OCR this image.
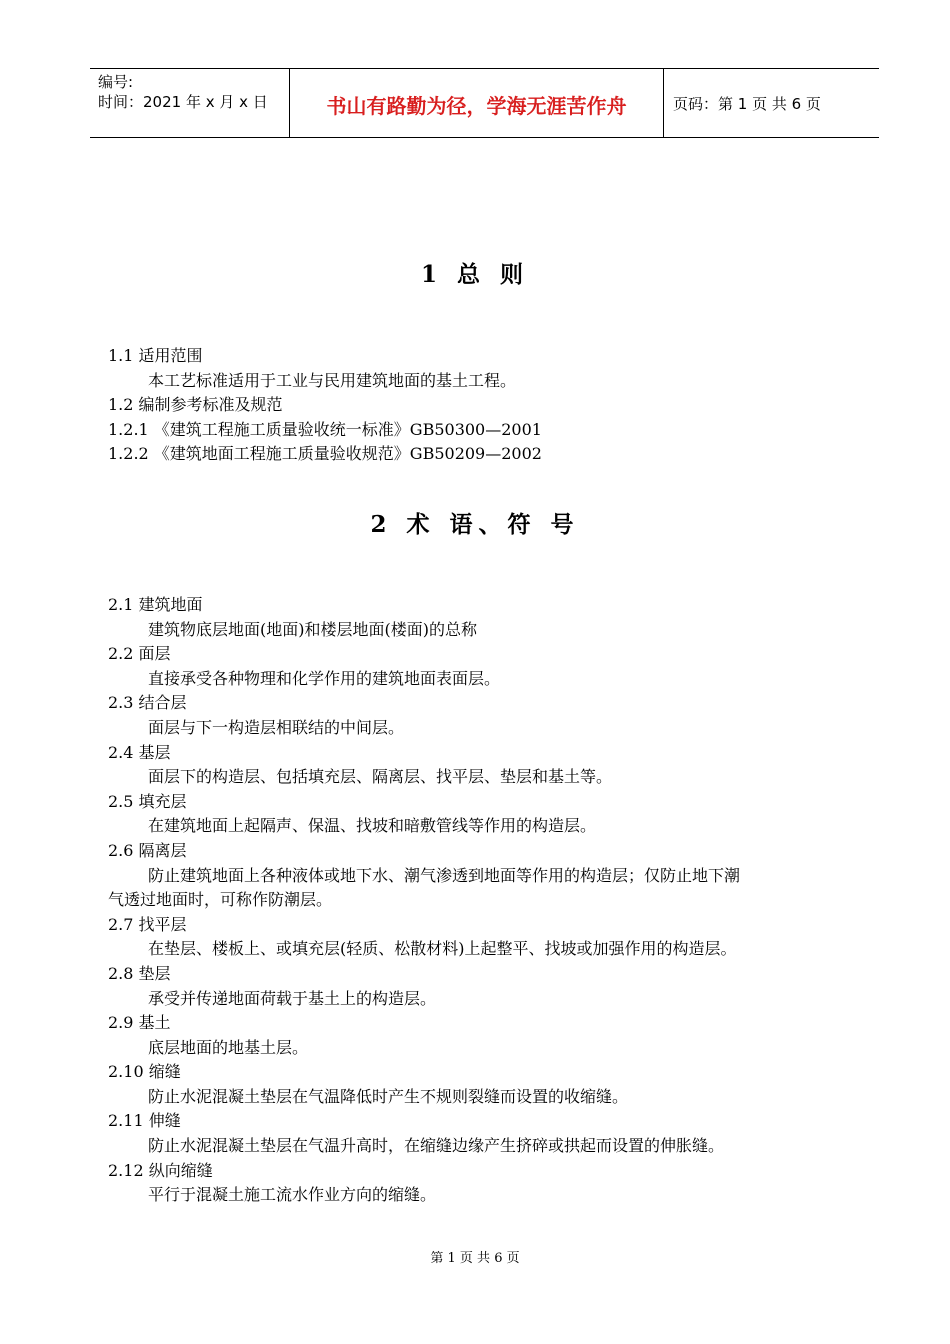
编号:
时间：2021 年 x 月 x 日	书山有路勤为径，学海无涯苦作舟	页码：第 1 页 共 6 页
1 总 则

1.1 适用范围

本工艺标准适用于工业与民用建筑地面的基土工程。

1.2 编制参考标准及规范

1.2.1 《建筑工程施工质量验收统一标准》GB50300—2001

1.2.2 《建筑地面工程施工质量验收规范》GB50209—2002

2 术 语、符 号

2.1 建筑地面

建筑物底层地面(地面)和楼层地面(楼面)的总称

2.2 面层

直接承受各种物理和化学作用的建筑地面表面层。

2.3 结合层

面层与下一构造层相联结的中间层。

2.4 基层

面层下的构造层、包括填充层、隔离层、找平层、垫层和基土等。

2.5 填充层

在建筑地面上起隔声、保温、找坡和暗敷管线等作用的构造层。

2.6 隔离层

防止建筑地面上各种液体或地下水、潮气渗透到地面等作用的构造层；仅防止地下潮

气透过地面时，可称作防潮层。

2.7 找平层

在垫层、楼板上、或填充层(轻质、松散材料)上起整平、找坡或加强作用的构造层。

2.8 垫层

承受并传递地面荷载于基土上的构造层。

2.9 基土

底层地面的地基土层。

2.10 缩缝

防止水泥混凝土垫层在气温降低时产生不规则裂缝而设置的收缩缝。

2.11 伸缝

防止水泥混凝土垫层在气温升高时，在缩缝边缘产生挤碎或拱起而设置的伸胀缝。

2.12 纵向缩缝

平行于混凝土施工流水作业方向的缩缝。

第 1 页 共 6 页
